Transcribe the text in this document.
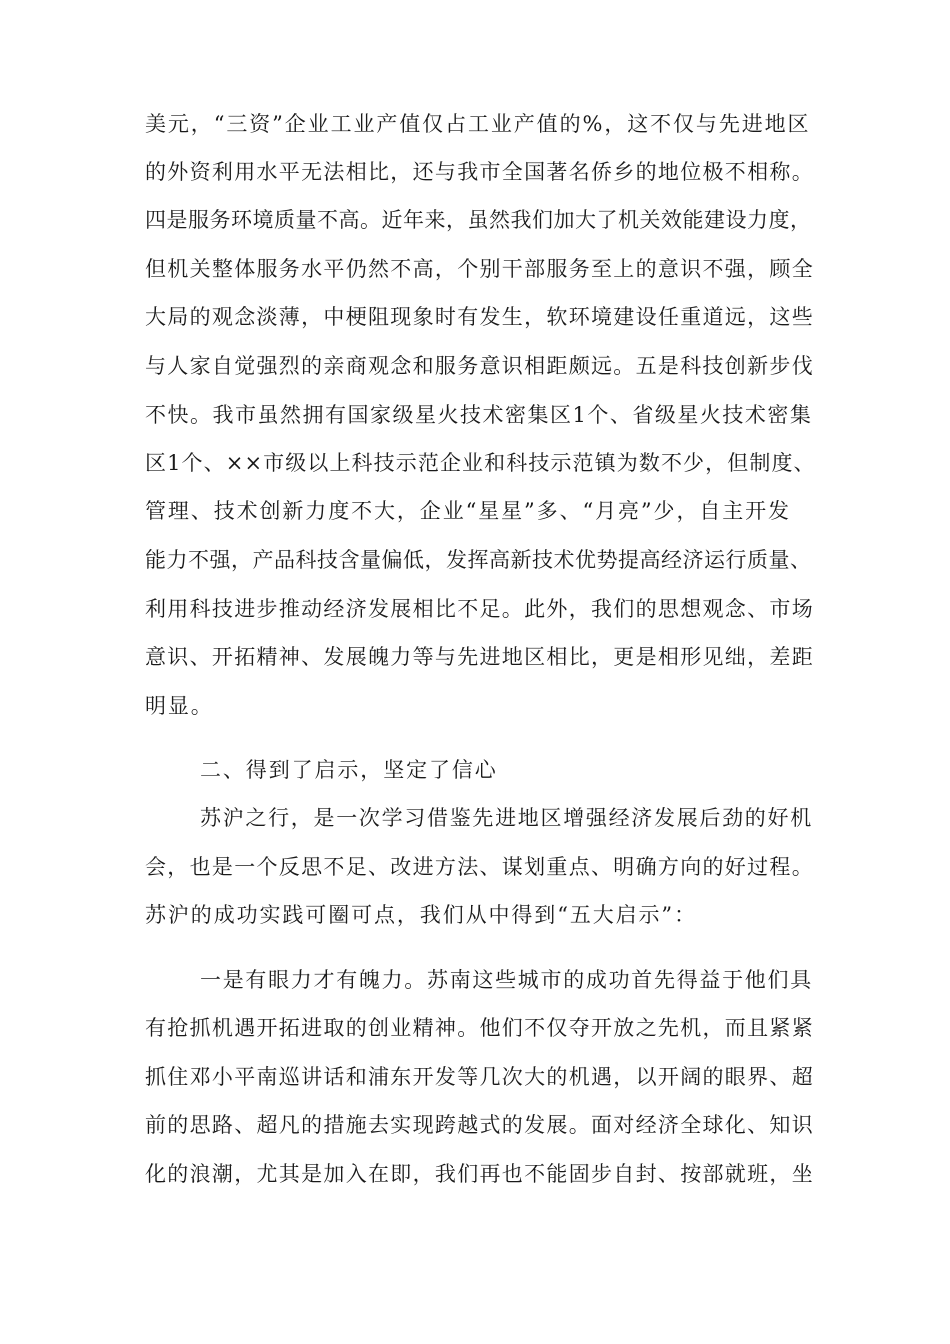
美元，“三资”企业工业产值仅占工业产值的%，这不仅与先进地区
的外资利用水平无法相比，还与我市全国著名侨乡的地位极不相称。
四是服务环境质量不高。近年来，虽然我们加大了机关效能建设力度，
但机关整体服务水平仍然不高，个别干部服务至上的意识不强，顾全
大局的观念淡薄，中梗阻现象时有发生，软环境建设任重道远，这些
与人家自觉强烈的亲商观念和服务意识相距颇远。五是科技创新步伐
不快。我市虽然拥有国家级星火技术密集区1个、省级星火技术密集
区1个、××市级以上科技示范企业和科技示范镇为数不少，但制度、
管理、技术创新力度不大，企业“星星”多、“月亮”少，自主开发
能力不强，产品科技含量偏低，发挥高新技术优势提高经济运行质量、
利用科技进步推动经济发展相比不足。此外，我们的思想观念、市场
意识、开拓精神、发展魄力等与先进地区相比，更是相形见绌，差距
明显。
二、得到了启示，坚定了信心
苏沪之行，是一次学习借鉴先进地区增强经济发展后劲的好机
会，也是一个反思不足、改进方法、谋划重点、明确方向的好过程。
苏沪的成功实践可圈可点，我们从中得到“五大启示”：
一是有眼力才有魄力。苏南这些城市的成功首先得益于他们具
有抢抓机遇开拓进取的创业精神。他们不仅夺开放之先机，而且紧紧
抓住邓小平南巡讲话和浦东开发等几次大的机遇，以开阔的眼界、超
前的思路、超凡的措施去实现跨越式的发展。面对经济全球化、知识
化的浪潮，尤其是加入在即，我们再也不能固步自封、按部就班，坐
